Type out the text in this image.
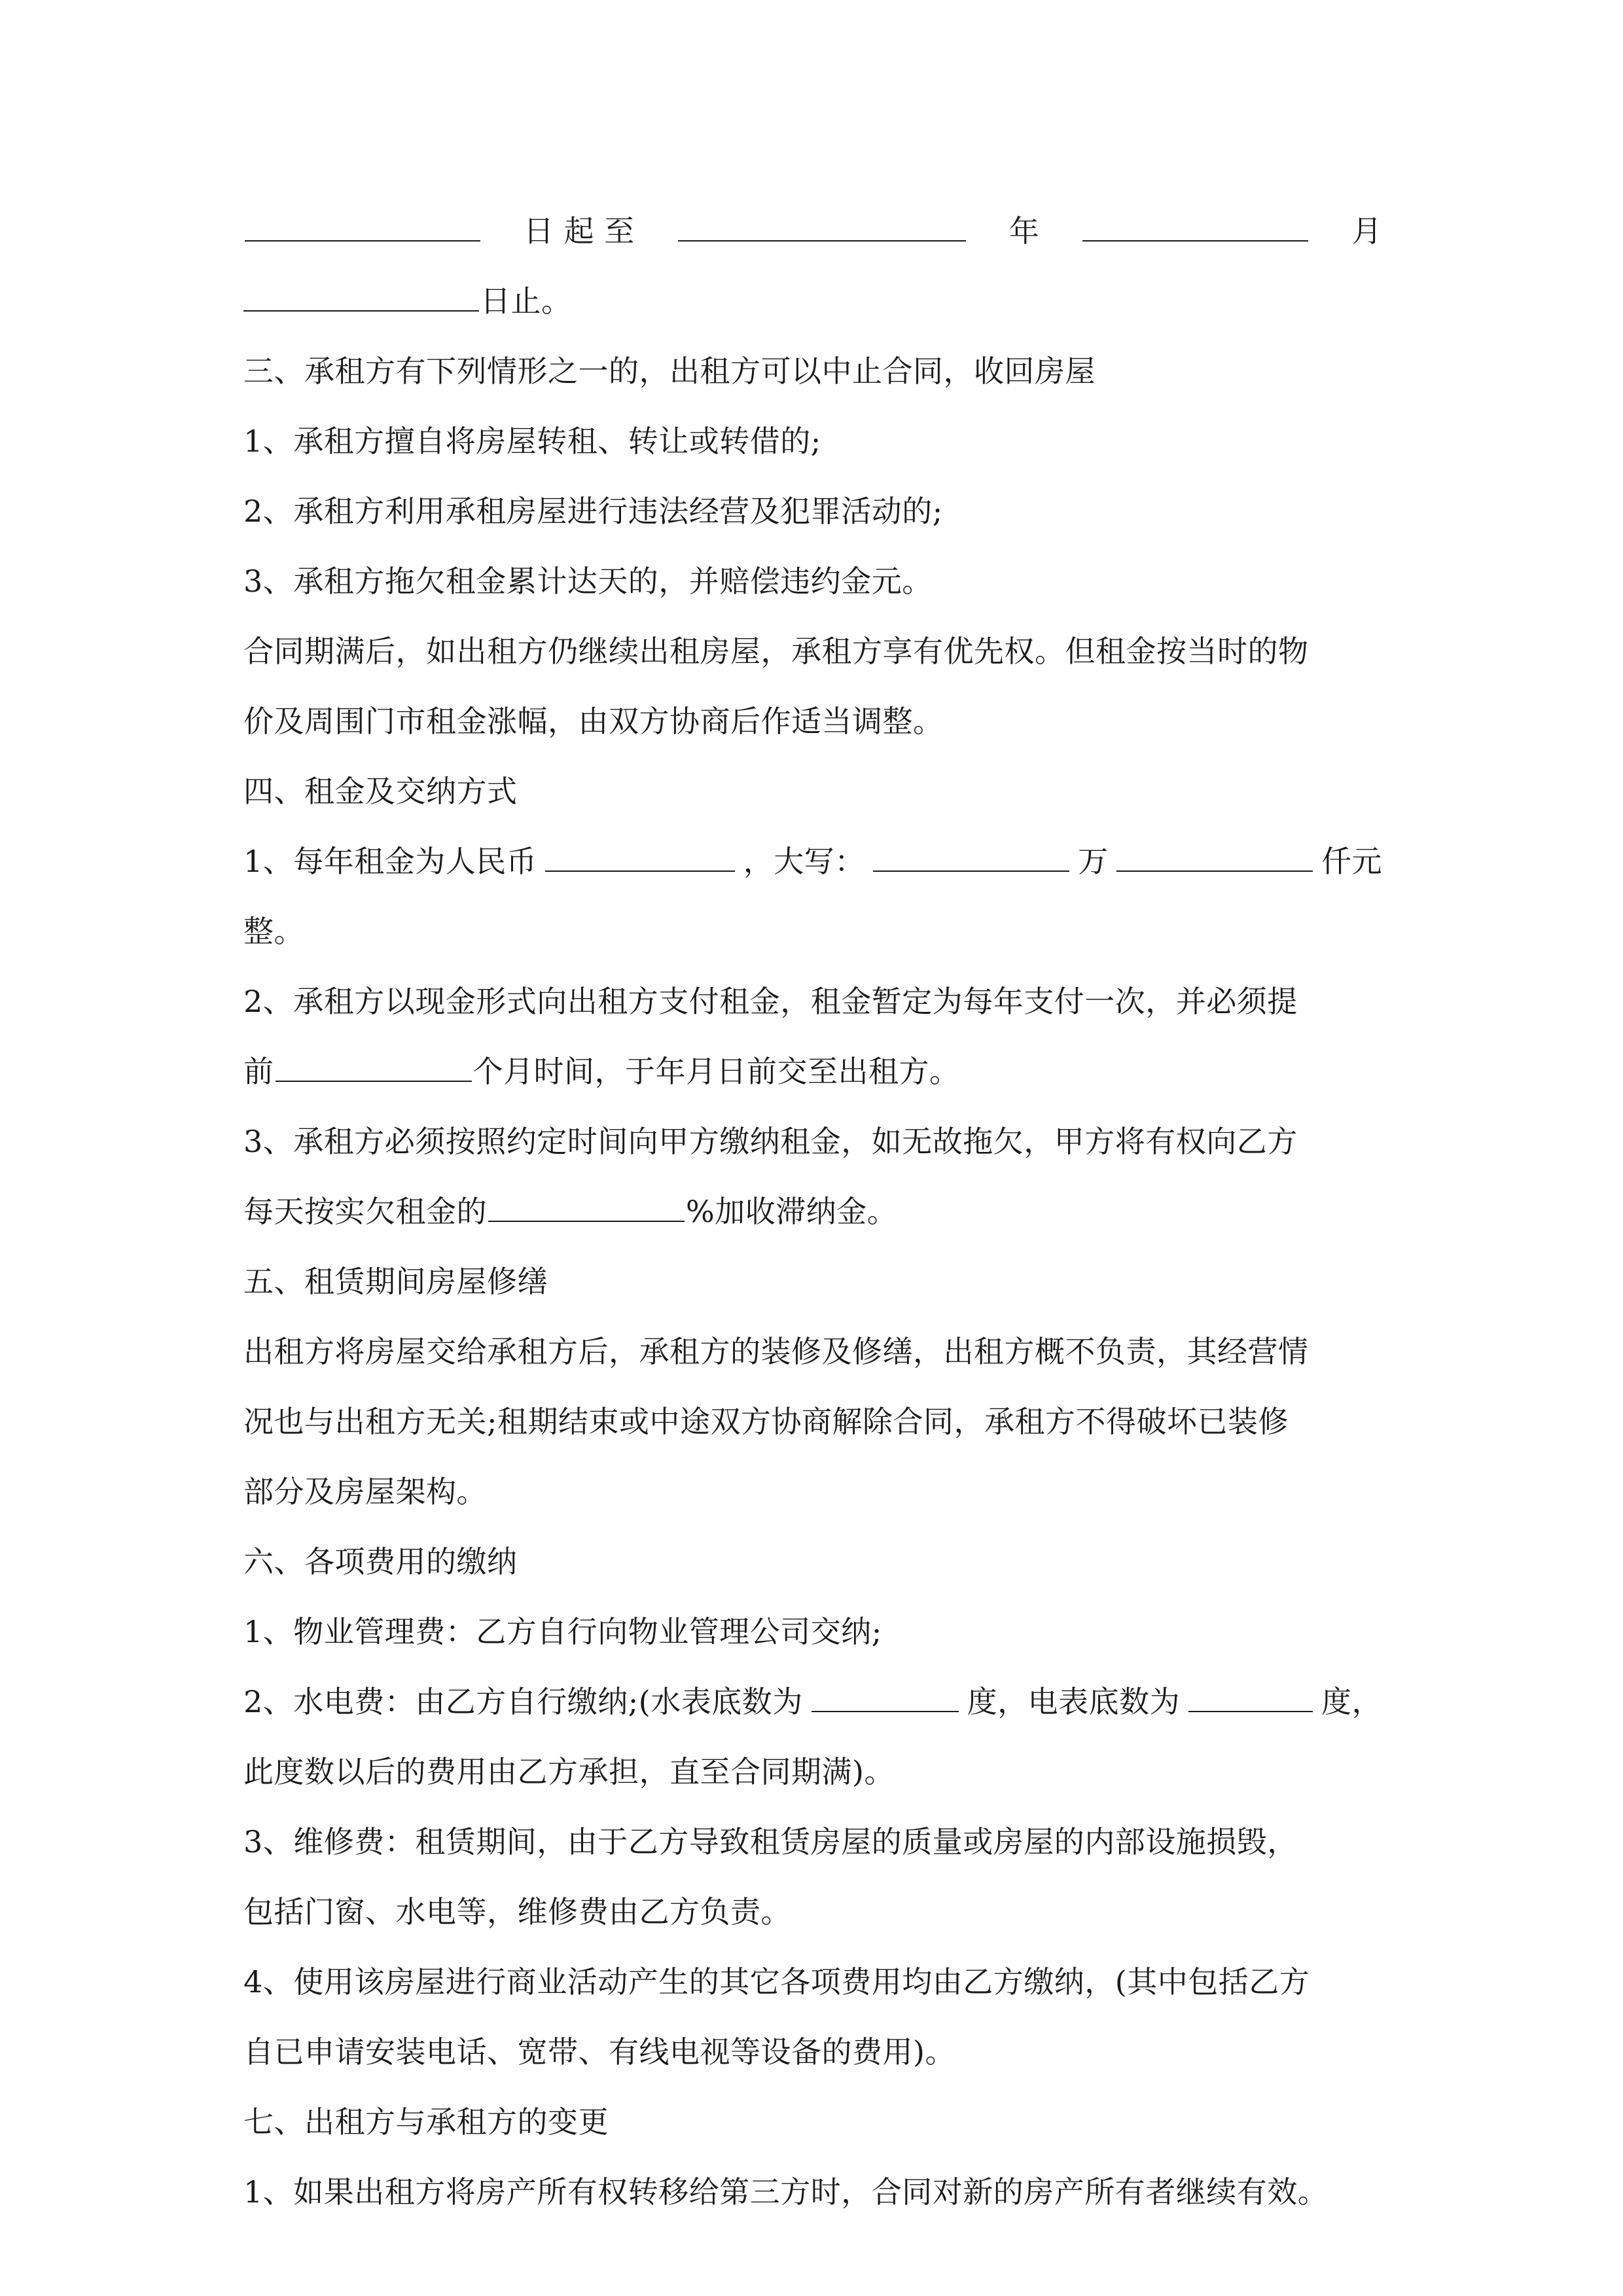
日 起 至	年	月
日止。
三、承租方有下列情形之一的，出租方可以中止合同，收回房屋
1、承租方擅自将房屋转租、转让或转借的;
2、承租方利用承租房屋进行违法经营及犯罪活动的;
3、承租方拖欠租金累计达天的，并赔偿违约金元。
合同期满后，如出租方仍继续出租房屋，承租方享有优先权。但租金按当时的物
价及周围门市租金涨幅，由双方协商后作适当调整。
四、租金及交纳方式
1、每年租金为人民币	，大写：	万	仟元
整。
2、承租方以现金形式向出租方支付租金，租金暂定为每年支付一次，并必须提
前	个月时间，于年月日前交至出租方。
3、承租方必须按照约定时间向甲方缴纳租金，如无故拖欠，甲方将有权向乙方
每天按实欠租金的	%加收滞纳金。
五、租赁期间房屋修缮
出租方将房屋交给承租方后，承租方的装修及修缮，出租方概不负责，其经营情
况也与出租方无关;租期结束或中途双方协商解除合同，承租方不得破坏已装修
部分及房屋架构。
六、各项费用的缴纳
1、物业管理费：乙方自行向物业管理公司交纳;
2、水电费：由乙方自行缴纳;(水表底数为	度，电表底数为	度，
此度数以后的费用由乙方承担，直至合同期满)。
3、维修费：租赁期间，由于乙方导致租赁房屋的质量或房屋的内部设施损毁，
包括门窗、水电等，维修费由乙方负责。
4、使用该房屋进行商业活动产生的其它各项费用均由乙方缴纳，(其中包括乙方
自已申请安装电话、宽带、有线电视等设备的费用)。
七、出租方与承租方的变更
1、如果出租方将房产所有权转移给第三方时，合同对新的房产所有者继续有效。
